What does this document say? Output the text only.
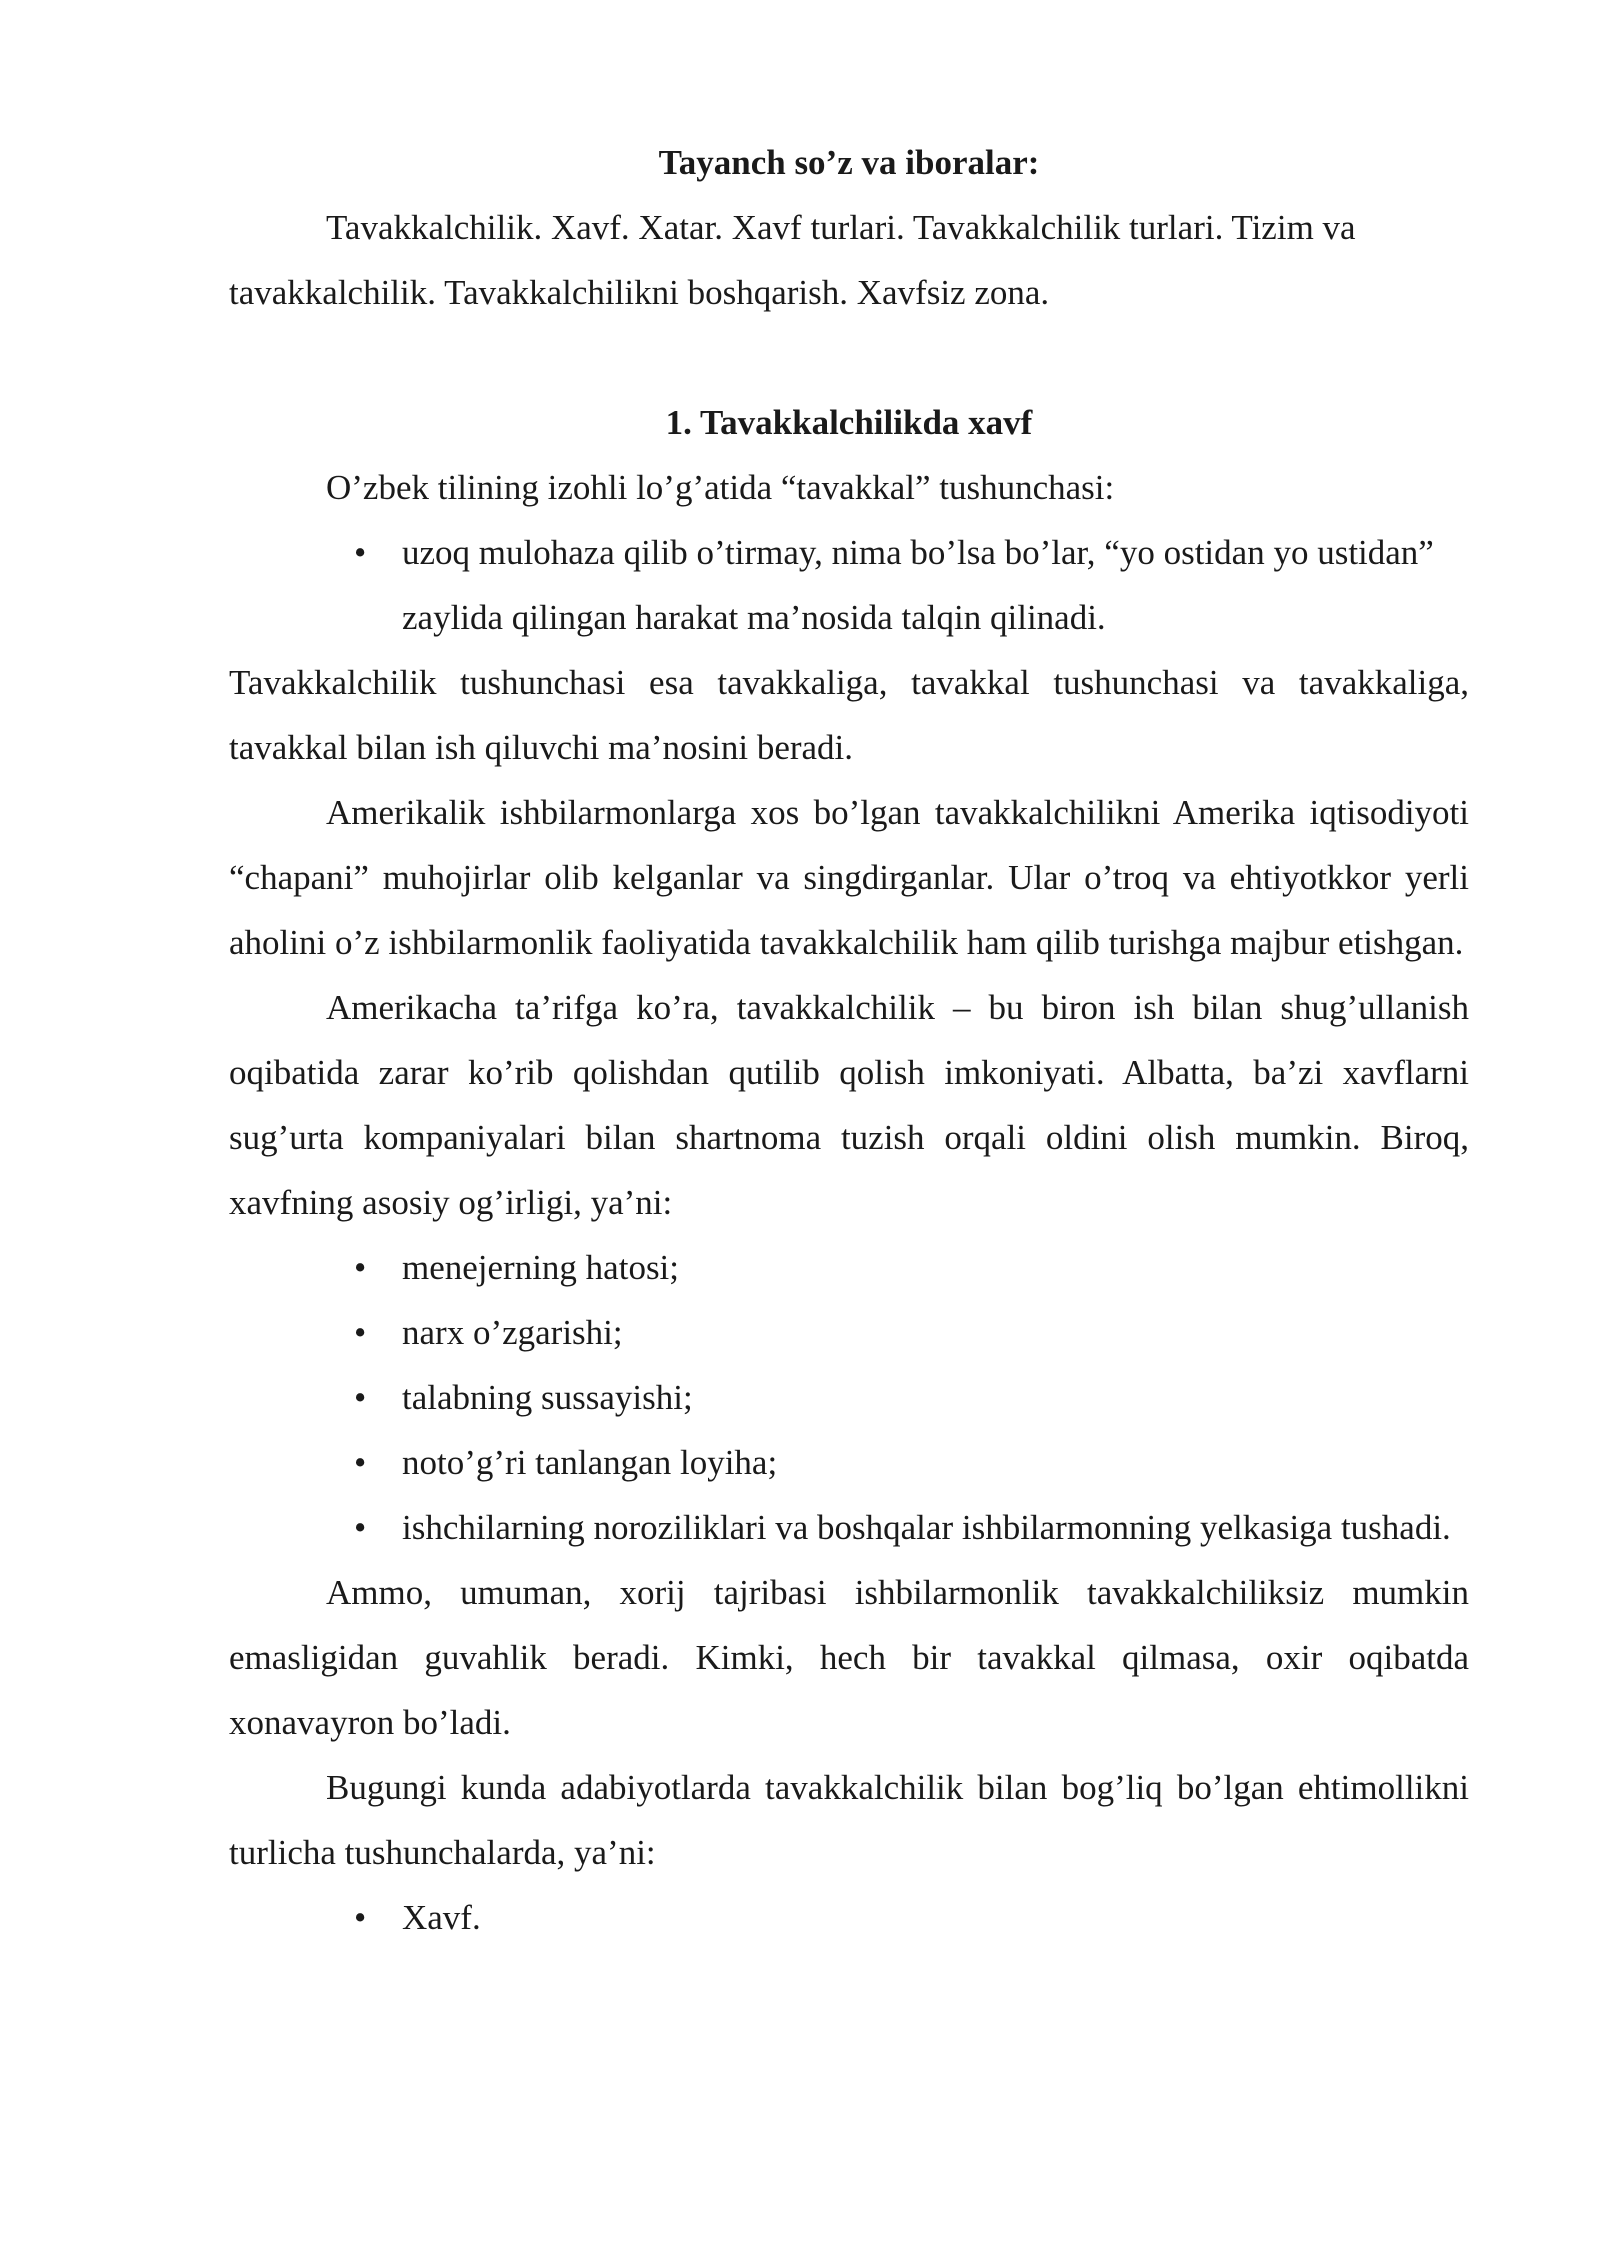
Tayanch so’z va iboralar:

Tavakkalchilik. Xavf. Xatar. Xavf turlari. Tavakkalchilik turlari. Tizim va
tavakkalchilik. Tavakkalchilikni boshqarish. Xavfsiz zona.

1. Tavakkalchilikda xavf

O’zbek tilining izohli lo’g’atida “tavakkal” tushunchasi:

• uzoq mulohaza qilib o’tirmay, nima bo’lsa bo’lar, “yo ostidan yo ustidan” zaylida qilingan harakat ma’nosida talqin qilinadi.

Tavakkalchilik tushunchasi esa tavakkaliga, tavakkal tushunchasi va tavakkaliga, tavakkal bilan ish qiluvchi ma’nosini beradi.

Amerikalik ishbilarmonlarga xos bo’lgan tavakkalchilikni Amerika iqtisodiyoti “chapani” muhojirlar olib kelganlar va singdirganlar. Ular o’troq va ehtiyotkkor yerli aholini o’z ishbilarmonlik faoliyatida tavakkalchilik ham qilib turishga majbur etishgan.

Amerikacha ta’rifga ko’ra, tavakkalchilik – bu biron ish bilan shug’ullanish oqibatida zarar ko’rib qolishdan qutilib qolish imkoniyati. Albatta, ba’zi xavflarni sug’urta kompaniyalari bilan shartnoma tuzish orqali oldini olish mumkin. Biroq, xavfning asosiy og’irligi, ya’ni:

• menejerning hatosi;
• narx o’zgarishi;
• talabning sussayishi;
• noto’g’ri tanlangan loyiha;
• ishchilarning noroziliklari va boshqalar ishbilarmonning yelkasiga tushadi.

Ammo, umuman, xorij tajribasi ishbilarmonlik tavakkalchiliksiz mumkin emasligidan guvahlik beradi. Kimki, hech bir tavakkal qilmasa, oxir oqibatda xonavayron bo’ladi.

Bugungi kunda adabiyotlarda tavakkalchilik bilan bog’liq bo’lgan ehtimollikni turlicha tushunchalarda, ya’ni:

• Xavf.
